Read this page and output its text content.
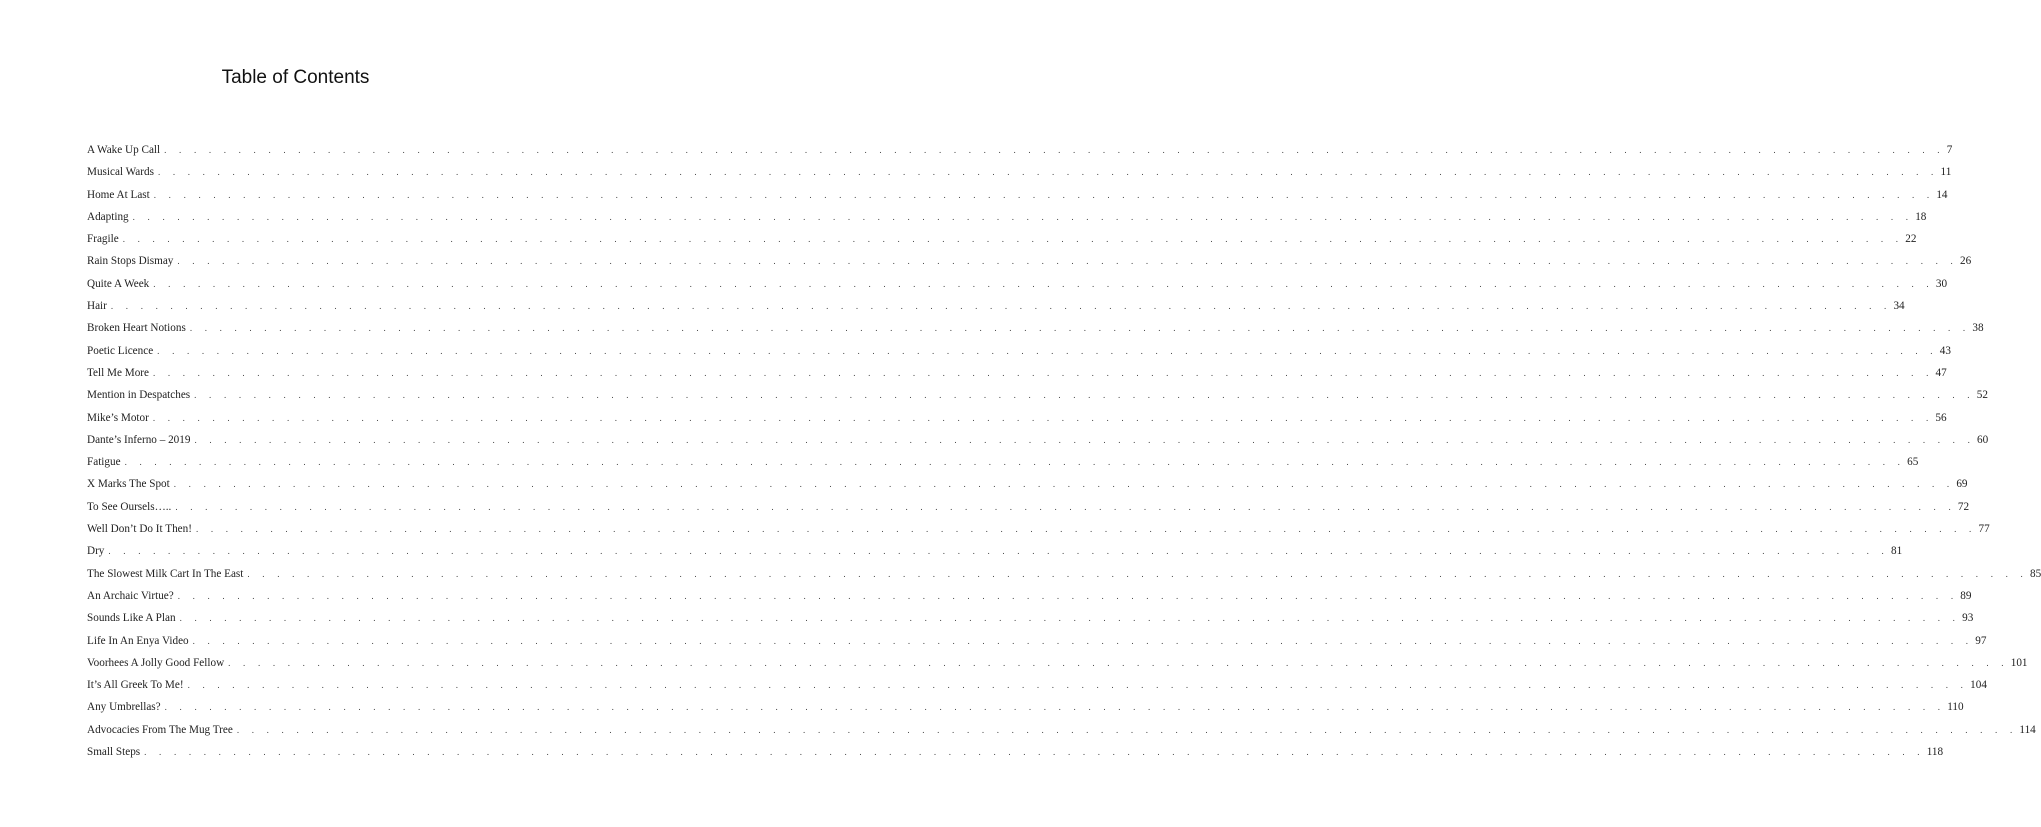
Table of Contents
A Wake Up Call . . . . . . . . . . . . . . . . . . . . . . . . . . . . . . . . . . . . . . . . . . . . . . . . . . . . . . . . . . . . . . . . . . . . . . . . . . . . . . . . . . . . . . . . . . . . . . . . . . . . . . . . . . . . . . . . . . . . . . . . 7
Musical Wards . . . . . . . . . . . . . . . . . . . . . . . . . . . . . . . . . . . . . . . . . . . . . . . . . . . . . . . . . . . . . . . . . . . . . . . . . . . . . . . . . . . . . . . . . . . . . . . . . . . . . . . . . . . . . . . . . . . . . . . . 11
Home At Last . . . . . . . . . . . . . . . . . . . . . . . . . . . . . . . . . . . . . . . . . . . . . . . . . . . . . . . . . . . . . . . . . . . . . . . . . . . . . . . . . . . . . . . . . . . . . . . . . . . . . . . . . . . . . . . . . . . . . . . . 14
Adapting . . . . . . . . . . . . . . . . . . . . . . . . . . . . . . . . . . . . . . . . . . . . . . . . . . . . . . . . . . . . . . . . . . . . . . . . . . . . . . . . . . . . . . . . . . . . . . . . . . . . . . . . . . . . . . . . . . . . . . . . 18
Fragile . . . . . . . . . . . . . . . . . . . . . . . . . . . . . . . . . . . . . . . . . . . . . . . . . . . . . . . . . . . . . . . . . . . . . . . . . . . . . . . . . . . . . . . . . . . . . . . . . . . . . . . . . . . . . . . . . . . . . . . . 22
Rain Stops Dismay . . . . . . . . . . . . . . . . . . . . . . . . . . . . . . . . . . . . . . . . . . . . . . . . . . . . . . . . . . . . . . . . . . . . . . . . . . . . . . . . . . . . . . . . . . . . . . . . . . . . . . . . . . . . . . . . . . . . . . . . 26
Quite A Week . . . . . . . . . . . . . . . . . . . . . . . . . . . . . . . . . . . . . . . . . . . . . . . . . . . . . . . . . . . . . . . . . . . . . . . . . . . . . . . . . . . . . . . . . . . . . . . . . . . . . . . . . . . . . . . . . . . . . . . . 30
Hair . . . . . . . . . . . . . . . . . . . . . . . . . . . . . . . . . . . . . . . . . . . . . . . . . . . . . . . . . . . . . . . . . . . . . . . . . . . . . . . . . . . . . . . . . . . . . . . . . . . . . . . . . . . . . . . . . . . . . . . . 34
Broken Heart Notions . . . . . . . . . . . . . . . . . . . . . . . . . . . . . . . . . . . . . . . . . . . . . . . . . . . . . . . . . . . . . . . . . . . . . . . . . . . . . . . . . . . . . . . . . . . . . . . . . . . . . . . . . . . . . . . . . . . . . . . . 38
Poetic Licence . . . . . . . . . . . . . . . . . . . . . . . . . . . . . . . . . . . . . . . . . . . . . . . . . . . . . . . . . . . . . . . . . . . . . . . . . . . . . . . . . . . . . . . . . . . . . . . . . . . . . . . . . . . . . . . . . . . . . . . . 43
Tell Me More . . . . . . . . . . . . . . . . . . . . . . . . . . . . . . . . . . . . . . . . . . . . . . . . . . . . . . . . . . . . . . . . . . . . . . . . . . . . . . . . . . . . . . . . . . . . . . . . . . . . . . . . . . . . . . . . . . . . . . . . 47
Mention in Despatches . . . . . . . . . . . . . . . . . . . . . . . . . . . . . . . . . . . . . . . . . . . . . . . . . . . . . . . . . . . . . . . . . . . . . . . . . . . . . . . . . . . . . . . . . . . . . . . . . . . . . . . . . . . . . . . . . . . . . . . . 52
Mike’s Motor . . . . . . . . . . . . . . . . . . . . . . . . . . . . . . . . . . . . . . . . . . . . . . . . . . . . . . . . . . . . . . . . . . . . . . . . . . . . . . . . . . . . . . . . . . . . . . . . . . . . . . . . . . . . . . . . . . . . . . . . 56
Dante’s Inferno – 2019 . . . . . . . . . . . . . . . . . . . . . . . . . . . . . . . . . . . . . . . . . . . . . . . . . . . . . . . . . . . . . . . . . . . . . . . . . . . . . . . . . . . . . . . . . . . . . . . . . . . . . . . . . . . . . . . . . . . . . . . . 60
Fatigue . . . . . . . . . . . . . . . . . . . . . . . . . . . . . . . . . . . . . . . . . . . . . . . . . . . . . . . . . . . . . . . . . . . . . . . . . . . . . . . . . . . . . . . . . . . . . . . . . . . . . . . . . . . . . . . . . . . . . . . . 65
X Marks The Spot . . . . . . . . . . . . . . . . . . . . . . . . . . . . . . . . . . . . . . . . . . . . . . . . . . . . . . . . . . . . . . . . . . . . . . . . . . . . . . . . . . . . . . . . . . . . . . . . . . . . . . . . . . . . . . . . . . . . . . . . 69
To See Oursels….. . . . . . . . . . . . . . . . . . . . . . . . . . . . . . . . . . . . . . . . . . . . . . . . . . . . . . . . . . . . . . . . . . . . . . . . . . . . . . . . . . . . . . . . . . . . . . . . . . . . . . . . . . . . . . . . . . . . . . . . . 72
Well Don’t Do It Then! . . . . . . . . . . . . . . . . . . . . . . . . . . . . . . . . . . . . . . . . . . . . . . . . . . . . . . . . . . . . . . . . . . . . . . . . . . . . . . . . . . . . . . . . . . . . . . . . . . . . . . . . . . . . . . . . . . . . . . . . 77
Dry . . . . . . . . . . . . . . . . . . . . . . . . . . . . . . . . . . . . . . . . . . . . . . . . . . . . . . . . . . . . . . . . . . . . . . . . . . . . . . . . . . . . . . . . . . . . . . . . . . . . . . . . . . . . . . . . . . . . . . . . 81
The Slowest Milk Cart In The East . . . . . . . . . . . . . . . . . . . . . . . . . . . . . . . . . . . . . . . . . . . . . . . . . . . . . . . . . . . . . . . . . . . . . . . . . . . . . . . . . . . . . . . . . . . . . . . . . . . . . . . . . . . . . . . . . . . . . . . . 85
An Archaic Virtue? . . . . . . . . . . . . . . . . . . . . . . . . . . . . . . . . . . . . . . . . . . . . . . . . . . . . . . . . . . . . . . . . . . . . . . . . . . . . . . . . . . . . . . . . . . . . . . . . . . . . . . . . . . . . . . . . . . . . . . . . 89
Sounds Like A Plan . . . . . . . . . . . . . . . . . . . . . . . . . . . . . . . . . . . . . . . . . . . . . . . . . . . . . . . . . . . . . . . . . . . . . . . . . . . . . . . . . . . . . . . . . . . . . . . . . . . . . . . . . . . . . . . . . . . . . . . . 93
Life In An Enya Video . . . . . . . . . . . . . . . . . . . . . . . . . . . . . . . . . . . . . . . . . . . . . . . . . . . . . . . . . . . . . . . . . . . . . . . . . . . . . . . . . . . . . . . . . . . . . . . . . . . . . . . . . . . . . . . . . . . . . . . . 97
Voorhees A Jolly Good Fellow . . . . . . . . . . . . . . . . . . . . . . . . . . . . . . . . . . . . . . . . . . . . . . . . . . . . . . . . . . . . . . . . . . . . . . . . . . . . . . . . . . . . . . . . . . . . . . . . . . . . . . . . . . . . . . . . . . . . . . . . 101
It’s All Greek To Me! . . . . . . . . . . . . . . . . . . . . . . . . . . . . . . . . . . . . . . . . . . . . . . . . . . . . . . . . . . . . . . . . . . . . . . . . . . . . . . . . . . . . . . . . . . . . . . . . . . . . . . . . . . . . . . . . . . . . . . . . 104
Any Umbrellas? . . . . . . . . . . . . . . . . . . . . . . . . . . . . . . . . . . . . . . . . . . . . . . . . . . . . . . . . . . . . . . . . . . . . . . . . . . . . . . . . . . . . . . . . . . . . . . . . . . . . . . . . . . . . . . . . . . . . . . . . 110
Advocacies From The Mug Tree . . . . . . . . . . . . . . . . . . . . . . . . . . . . . . . . . . . . . . . . . . . . . . . . . . . . . . . . . . . . . . . . . . . . . . . . . . . . . . . . . . . . . . . . . . . . . . . . . . . . . . . . . . . . . . . . . . . . . . . . 114
Small Steps . . . . . . . . . . . . . . . . . . . . . . . . . . . . . . . . . . . . . . . . . . . . . . . . . . . . . . . . . . . . . . . . . . . . . . . . . . . . . . . . . . . . . . . . . . . . . . . . . . . . . . . . . . . . . . . . . . . . . . . . 118
